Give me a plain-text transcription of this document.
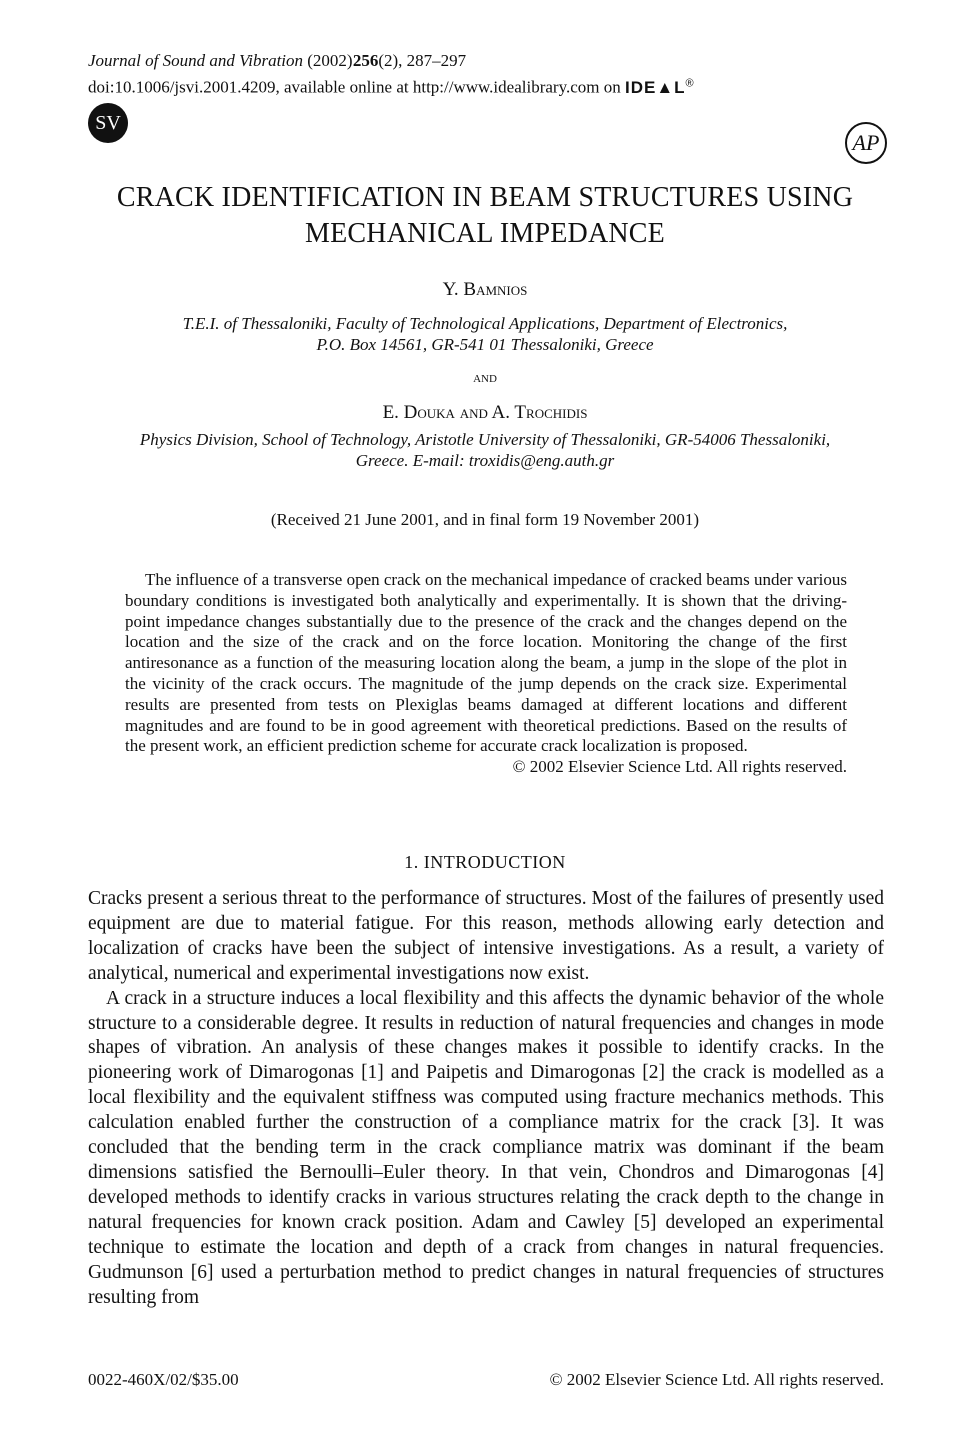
Journal of Sound and Vibration (2002) 256(2), 287–297
doi:10.1006/jsvi.2001.4209, available online at http://www.idealibrary.com on IDE▲L®
SV
AP
CRACK IDENTIFICATION IN BEAM STRUCTURES USING
MECHANICAL IMPEDANCE
Y. Bamnios
T.E.I. of Thessaloniki, Faculty of Technological Applications, Department of Electronics,
P.O. Box 14561, GR-541 01 Thessaloniki, Greece
and
E. Douka and A. Trochidis
Physics Division, School of Technology, Aristotle University of Thessaloniki, GR-54006 Thessaloniki,
Greece. E-mail: troxidis@eng.auth.gr
(Received 21 June 2001, and in final form 19 November 2001)

The influence of a transverse open crack on the mechanical impedance of cracked beams under various boundary conditions is investigated both analytically and experimentally. It is shown that the driving-point impedance changes substantially due to the presence of the crack and the changes depend on the location and the size of the crack and on the force location. Monitoring the change of the first antiresonance as a function of the measuring location along the beam, a jump in the slope of the plot in the vicinity of the crack occurs. The magnitude of the jump depends on the crack size. Experimental results are presented from tests on Plexiglas beams damaged at different locations and different magnitudes and are found to be in good agreement with theoretical predictions. Based on the results of the present work, an efficient prediction scheme for accurate crack localization is proposed.

© 2002 Elsevier Science Ltd. All rights reserved.
1. INTRODUCTION

Cracks present a serious threat to the performance of structures. Most of the failures of presently used equipment are due to material fatigue. For this reason, methods allowing early detection and localization of cracks have been the subject of intensive investigations. As a result, a variety of analytical, numerical and experimental investigations now exist.

A crack in a structure induces a local flexibility and this affects the dynamic behavior of the whole structure to a considerable degree. It results in reduction of natural frequencies and changes in mode shapes of vibration. An analysis of these changes makes it possible to identify cracks. In the pioneering work of Dimarogonas [1] and Paipetis and Dimarogonas [2] the crack is modelled as a local flexibility and the equivalent stiffness was computed using fracture mechanics methods. This calculation enabled further the construction of a compliance matrix for the crack [3]. It was concluded that the bending term in the crack compliance matrix was dominant if the beam dimensions satisfied the Bernoulli–Euler theory. In that vein, Chondros and Dimarogonas [4] developed methods to identify cracks in various structures relating the crack depth to the change in natural frequencies for known crack position. Adam and Cawley [5] developed an experimental technique to estimate the location and depth of a crack from changes in natural frequencies. Gudmunson [6] used a perturbation method to predict changes in natural frequencies of structures resulting from

0022-460X/02/$35.00	© 2002 Elsevier Science Ltd. All rights reserved.
